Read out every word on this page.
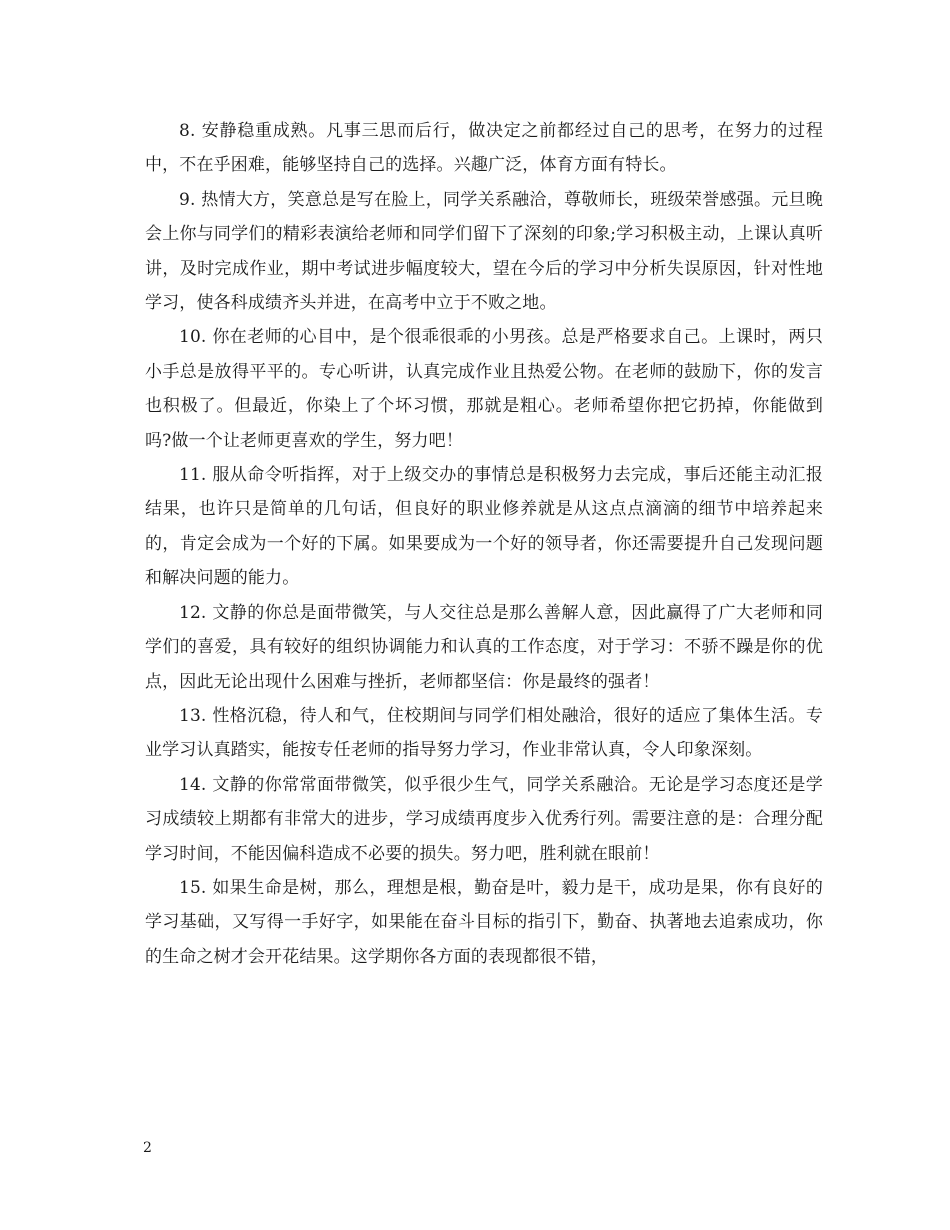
8. 安静稳重成熟。凡事三思而后行，做决定之前都经过自己的思考，在努力的过程中，不在乎困难，能够坚持自己的选择。兴趣广泛，体育方面有特长。

9. 热情大方，笑意总是写在脸上，同学关系融洽，尊敬师长，班级荣誉感强。元旦晚会上你与同学们的精彩表演给老师和同学们留下了深刻的印象;学习积极主动，上课认真听讲，及时完成作业，期中考试进步幅度较大，望在今后的学习中分析失误原因，针对性地学习，使各科成绩齐头并进，在高考中立于不败之地。

10. 你在老师的心目中，是个很乖很乖的小男孩。总是严格要求自己。上课时，两只小手总是放得平平的。专心听讲，认真完成作业且热爱公物。在老师的鼓励下，你的发言也积极了。但最近，你染上了个坏习惯，那就是粗心。老师希望你把它扔掉，你能做到吗?做一个让老师更喜欢的学生，努力吧！

11. 服从命令听指挥，对于上级交办的事情总是积极努力去完成，事后还能主动汇报结果，也许只是简单的几句话，但良好的职业修养就是从这点点滴滴的细节中培养起来的，肯定会成为一个好的下属。如果要成为一个好的领导者，你还需要提升自己发现问题和解决问题的能力。

12. 文静的你总是面带微笑，与人交往总是那么善解人意，因此赢得了广大老师和同学们的喜爱，具有较好的组织协调能力和认真的工作态度，对于学习：不骄不躁是你的优点，因此无论出现什么困难与挫折，老师都坚信：你是最终的强者！

13. 性格沉稳，待人和气，住校期间与同学们相处融洽，很好的适应了集体生活。专业学习认真踏实，能按专任老师的指导努力学习，作业非常认真，令人印象深刻。

14. 文静的你常常面带微笑，似乎很少生气，同学关系融洽。无论是学习态度还是学习成绩较上期都有非常大的进步，学习成绩再度步入优秀行列。需要注意的是：合理分配学习时间，不能因偏科造成不必要的损失。努力吧，胜利就在眼前！

15. 如果生命是树，那么，理想是根，勤奋是叶，毅力是干，成功是果，你有良好的学习基础，又写得一手好字，如果能在奋斗目标的指引下，勤奋、执著地去追索成功，你的生命之树才会开花结果。这学期你各方面的表现都很不错，

2
